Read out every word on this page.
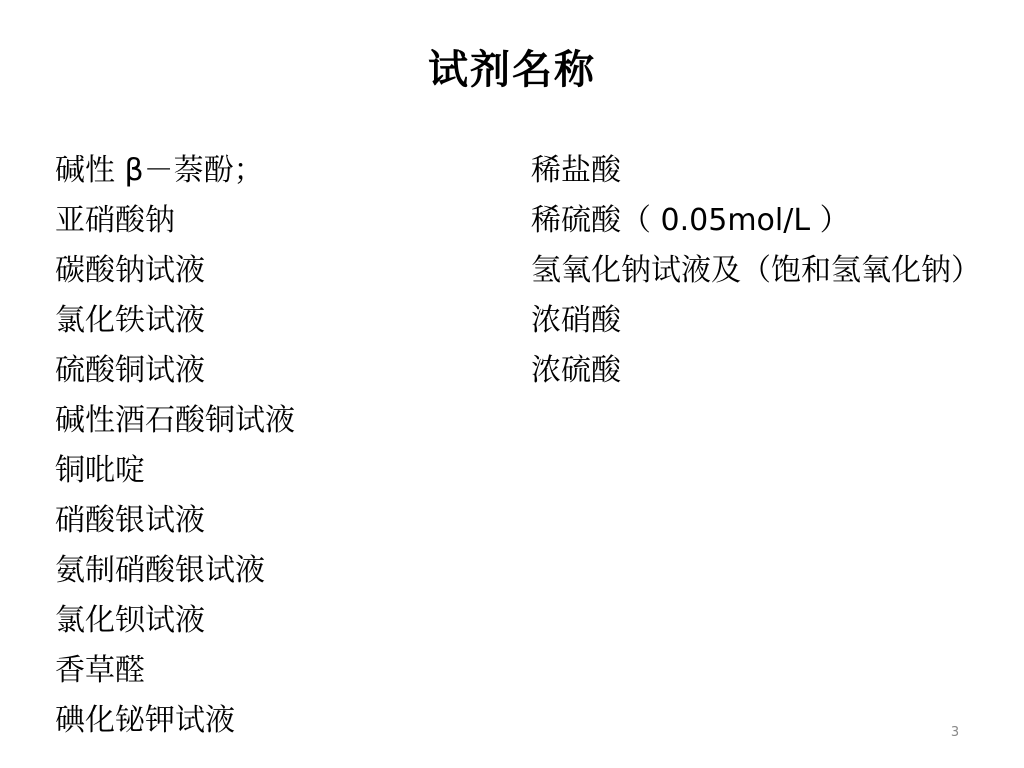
试剂名称
碱性 β－萘酚；
亚硝酸钠
碳酸钠试液
氯化铁试液
硫酸铜试液
碱性酒石酸铜试液
铜吡啶
硝酸银试液
氨制硝酸银试液
氯化钡试液
香草醛
碘化铋钾试液
稀盐酸
稀硫酸（ 0.05mol/L ）
氢氧化钠试液及（饱和氢氧化钠）
浓硝酸
浓硫酸
3
